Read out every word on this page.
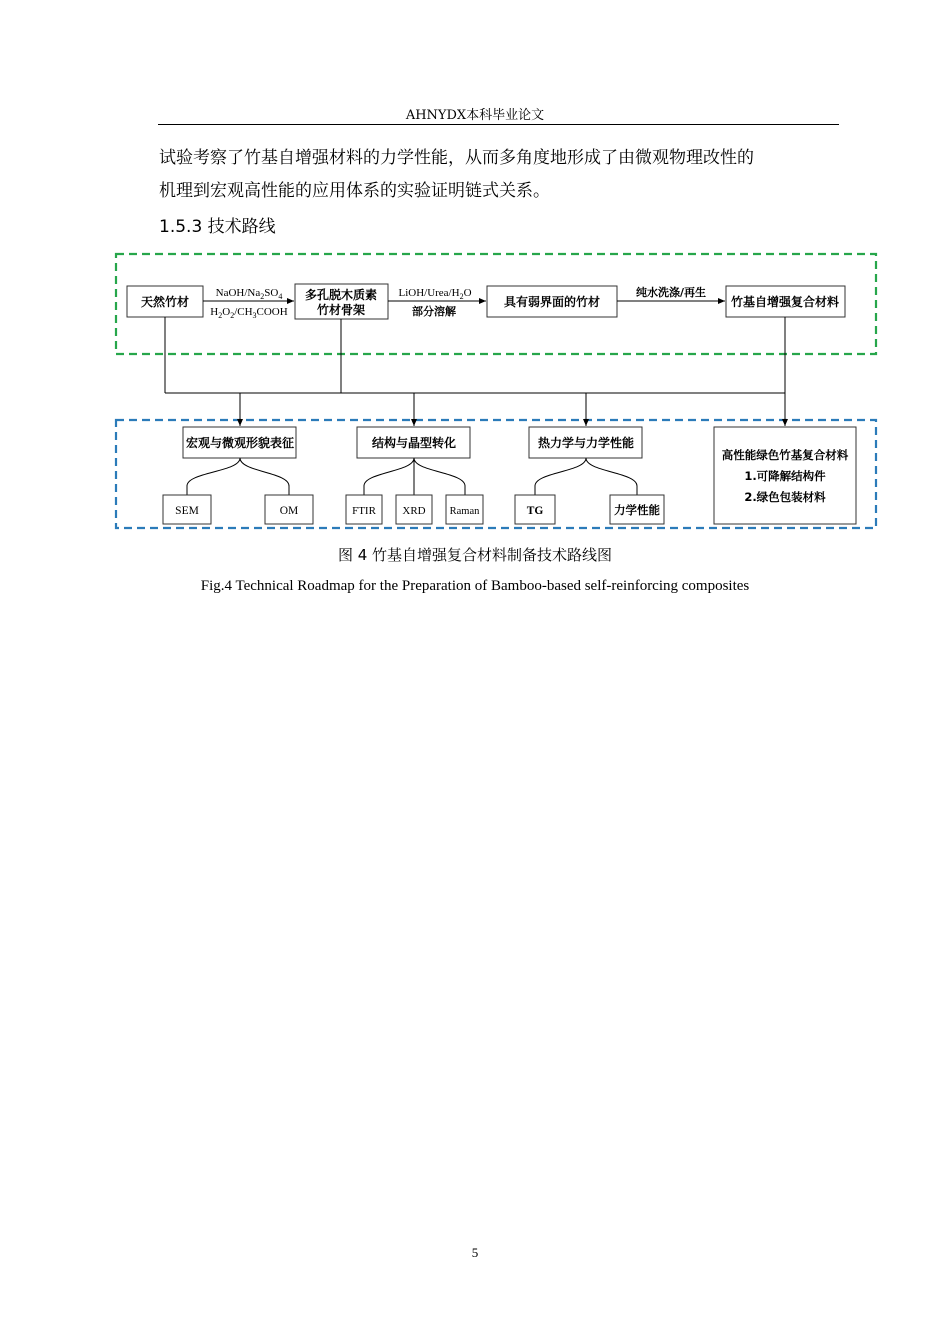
AHNYDX本科毕业论文
试验考察了竹基自增强材料的力学性能，从而多角度地形成了由微观物理改性的
机理到宏观高性能的应用体系的实验证明链式关系。
1.5.3 技术路线
天然竹材	多孔脱木质素
竹材骨架
具有弱界面的竹材	竹基自增强复合材料
NaOH/$Na_2SO_4$
$H_2O_2/CH_3COOH$
LiOH/$Urea/H_2O$
部分溶解
纯水洗涤/再生
宏观与微观形貌表征	结构与晶型转化	热力学与力学性能
高性能绿色竹基复合材料
1.可降解结构件
2.绿色包装材料
SEM	OM	FTIR XRD Raman	TG	力学性能
图 4 竹基自增强复合材料制备技术路线图
Fig.4 Technical Roadmap for the Preparation of Bamboo-based self-reinforcing composites
5
